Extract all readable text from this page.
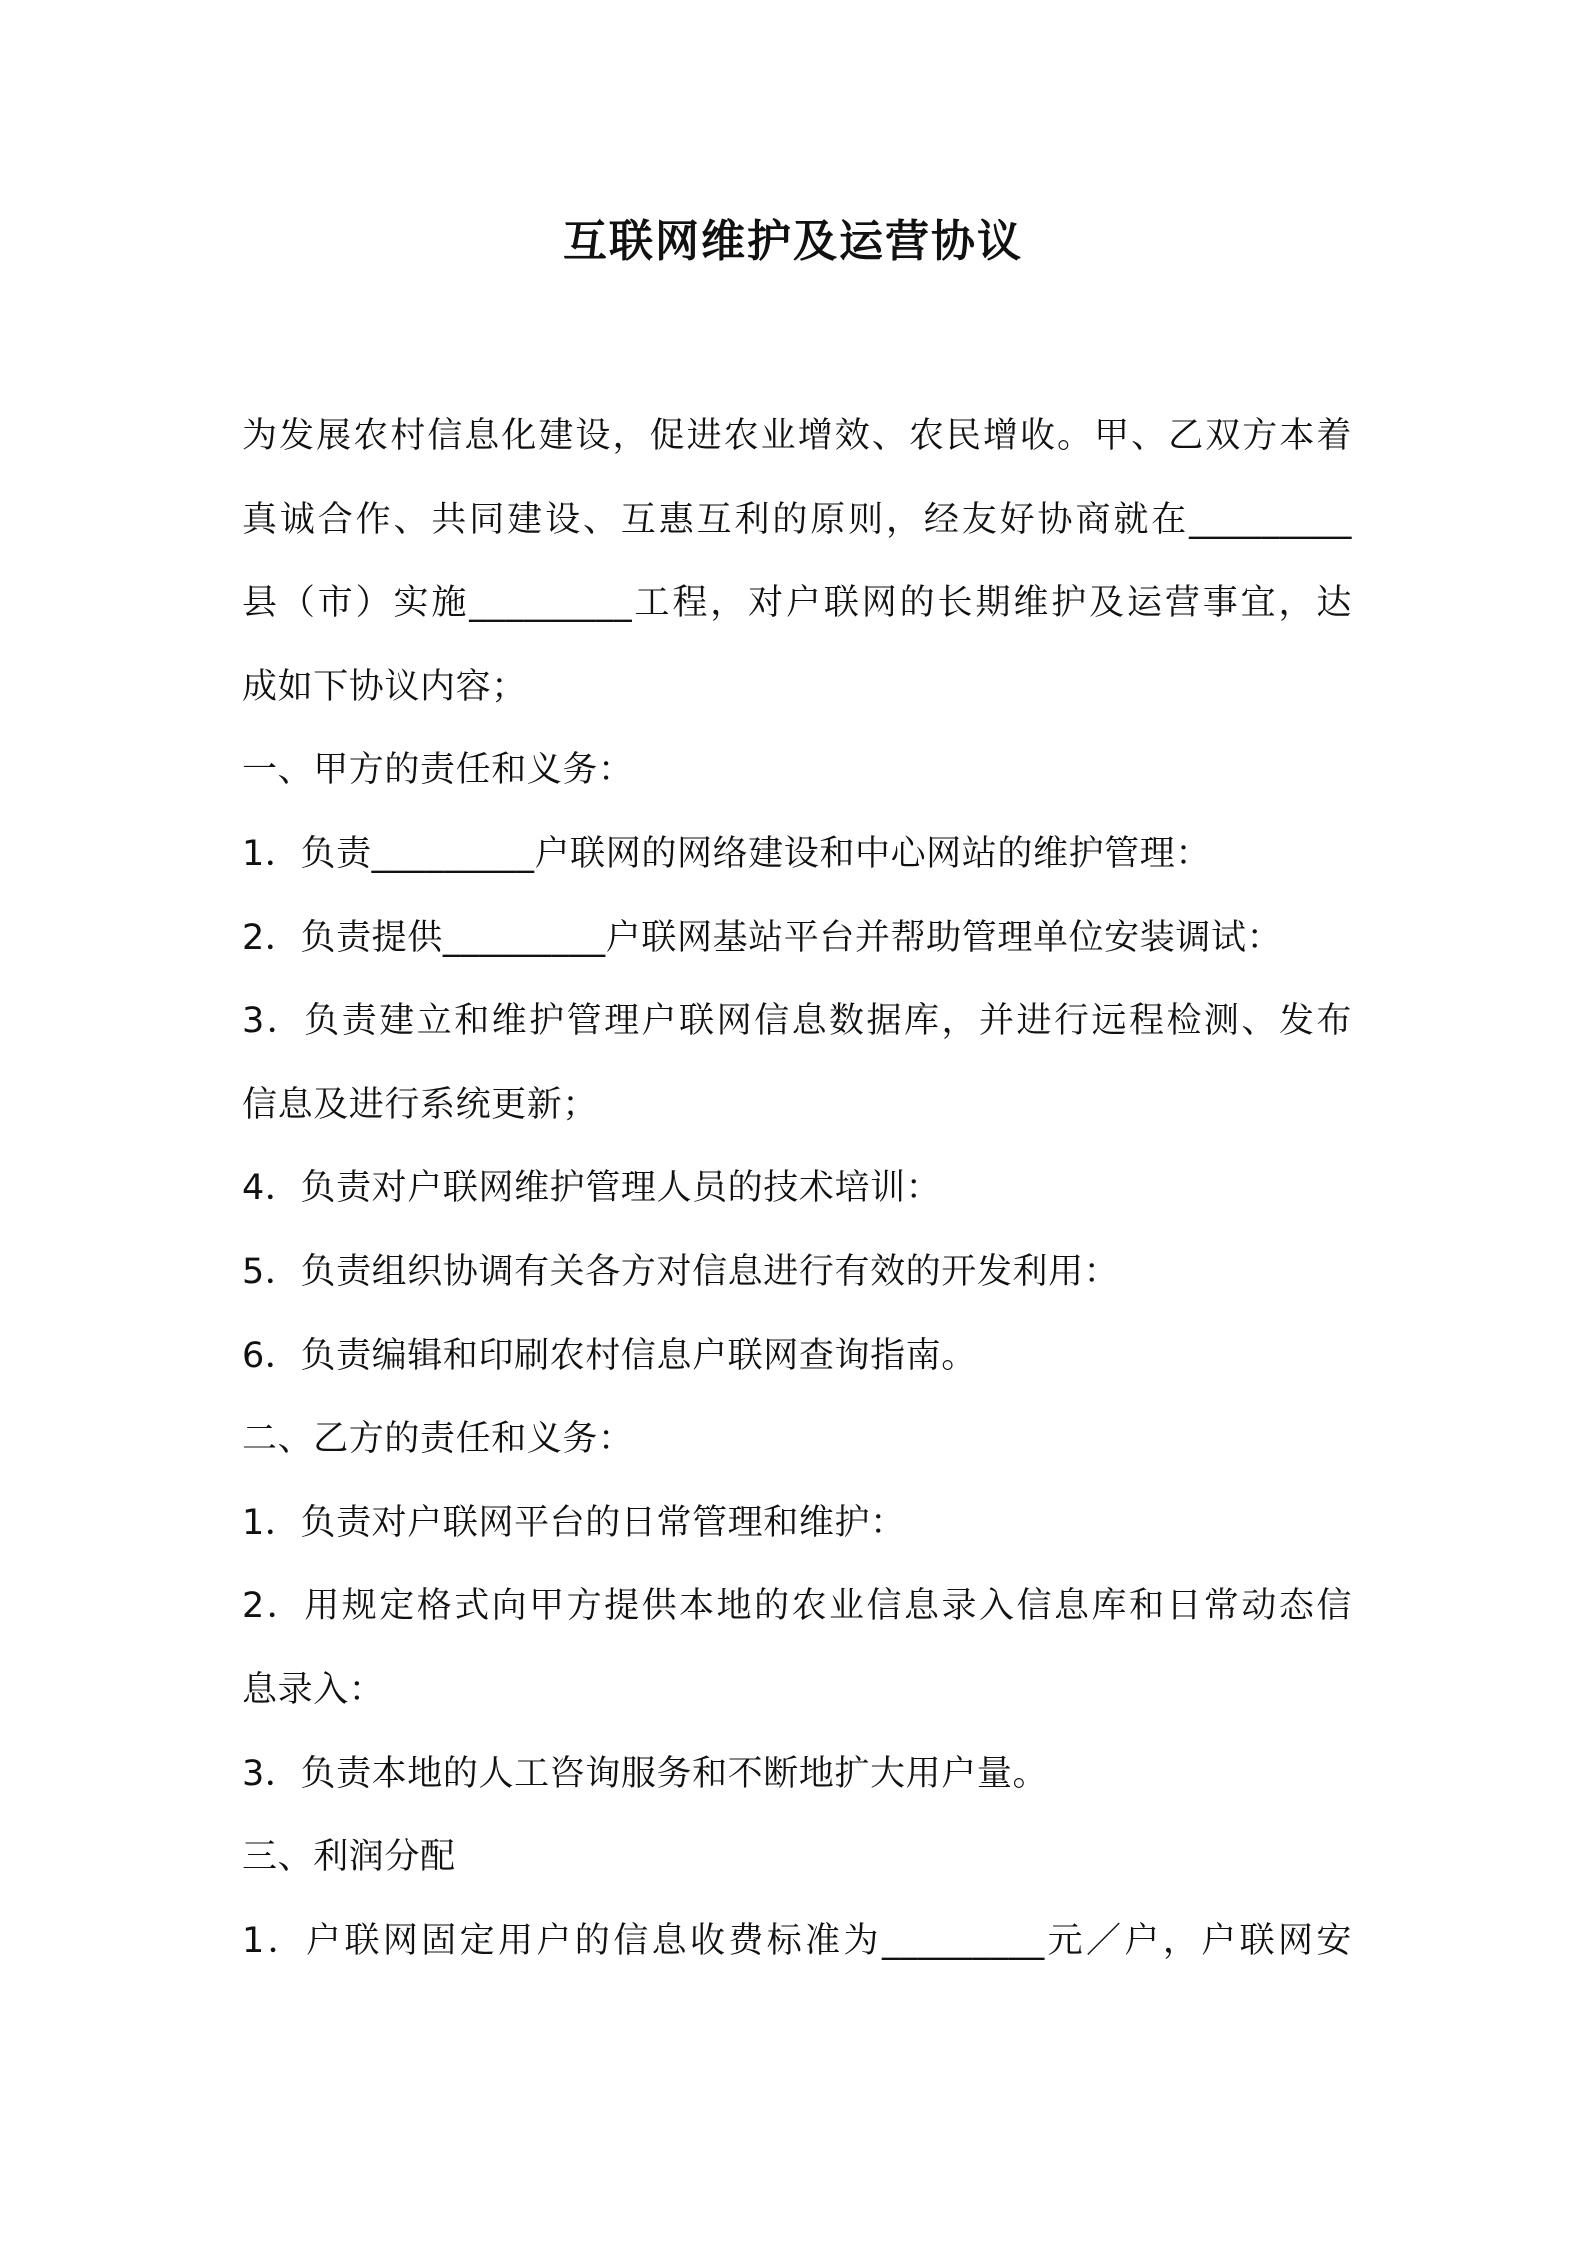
互联网维护及运营协议
为发展农村信息化建设，促进农业增效、农民增收。甲、乙双方本着
真诚合作、共同建设、互惠互利的原则，经友好协商就在_________
县（市）实施_________工程，对户联网的长期维护及运营事宜，达
成如下协议内容；
一、甲方的责任和义务：
1．负责_________户联网的网络建设和中心网站的维护管理：
2．负责提供_________户联网基站平台并帮助管理单位安装调试：
3．负责建立和维护管理户联网信息数据库，并进行远程检测、发布
信息及进行系统更新；
4．负责对户联网维护管理人员的技术培训：
5．负责组织协调有关各方对信息进行有效的开发利用：
6．负责编辑和印刷农村信息户联网查询指南。
二、乙方的责任和义务：
1．负责对户联网平台的日常管理和维护：
2．用规定格式向甲方提供本地的农业信息录入信息库和日常动态信
息录入：
3．负责本地的人工咨询服务和不断地扩大用户量。
三、利润分配
1．户联网固定用户的信息收费标准为_________元／户，户联网安
